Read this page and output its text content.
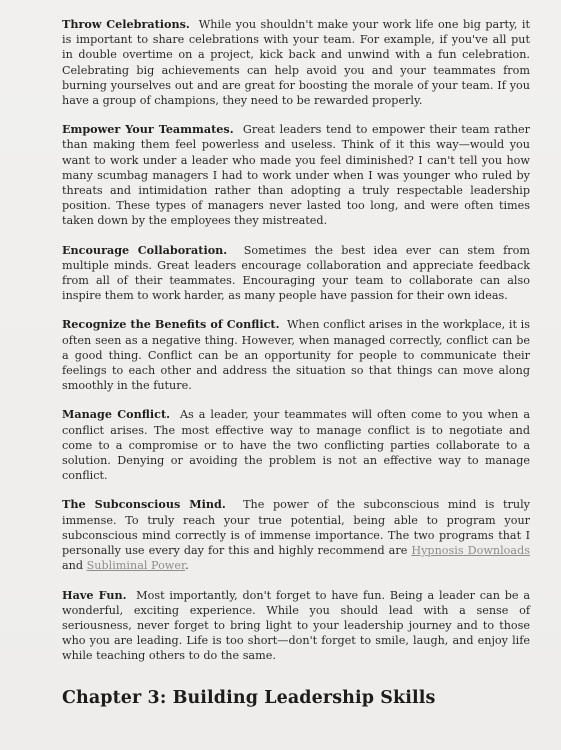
Throw Celebrations. While you shouldn't make your work life one big party, it is important to share celebrations with your team. For example, if you've all put in double overtime on a project, kick back and unwind with a fun celebration. Celebrating big achievements can help avoid you and your teammates from burning yourselves out and are great for boosting the morale of your team. If you have a group of champions, they need to be rewarded properly.

Empower Your Teammates. Great leaders tend to empower their team rather than making them feel powerless and useless. Think of it this way—would you want to work under a leader who made you feel diminished? I can't tell you how many scumbag managers I had to work under when I was younger who ruled by threats and intimidation rather than adopting a truly respectable leadership position. These types of managers never lasted too long, and were often times taken down by the employees they mistreated.

Encourage Collaboration. Sometimes the best idea ever can stem from multiple minds. Great leaders encourage collaboration and appreciate feedback from all of their teammates. Encouraging your team to collaborate can also inspire them to work harder, as many people have passion for their own ideas.

Recognize the Benefits of Conflict. When conflict arises in the workplace, it is often seen as a negative thing. However, when managed correctly, conflict can be a good thing. Conflict can be an opportunity for people to communicate their feelings to each other and address the situation so that things can move along smoothly in the future.

Manage Conflict. As a leader, your teammates will often come to you when a conflict arises. The most effective way to manage conflict is to negotiate and come to a compromise or to have the two conflicting parties collaborate to a solution. Denying or avoiding the problem is not an effective way to manage conflict.

The Subconscious Mind. The power of the subconscious mind is truly immense. To truly reach your true potential, being able to program your subconscious mind correctly is of immense importance. The two programs that I personally use every day for this and highly recommend are Hypnosis Downloads and Subliminal Power.

Have Fun. Most importantly, don't forget to have fun. Being a leader can be a wonderful, exciting experience. While you should lead with a sense of seriousness, never forget to bring light to your leadership journey and to those who you are leading. Life is too short—don't forget to smile, laugh, and enjoy life while teaching others to do the same.

Chapter 3: Building Leadership Skills
